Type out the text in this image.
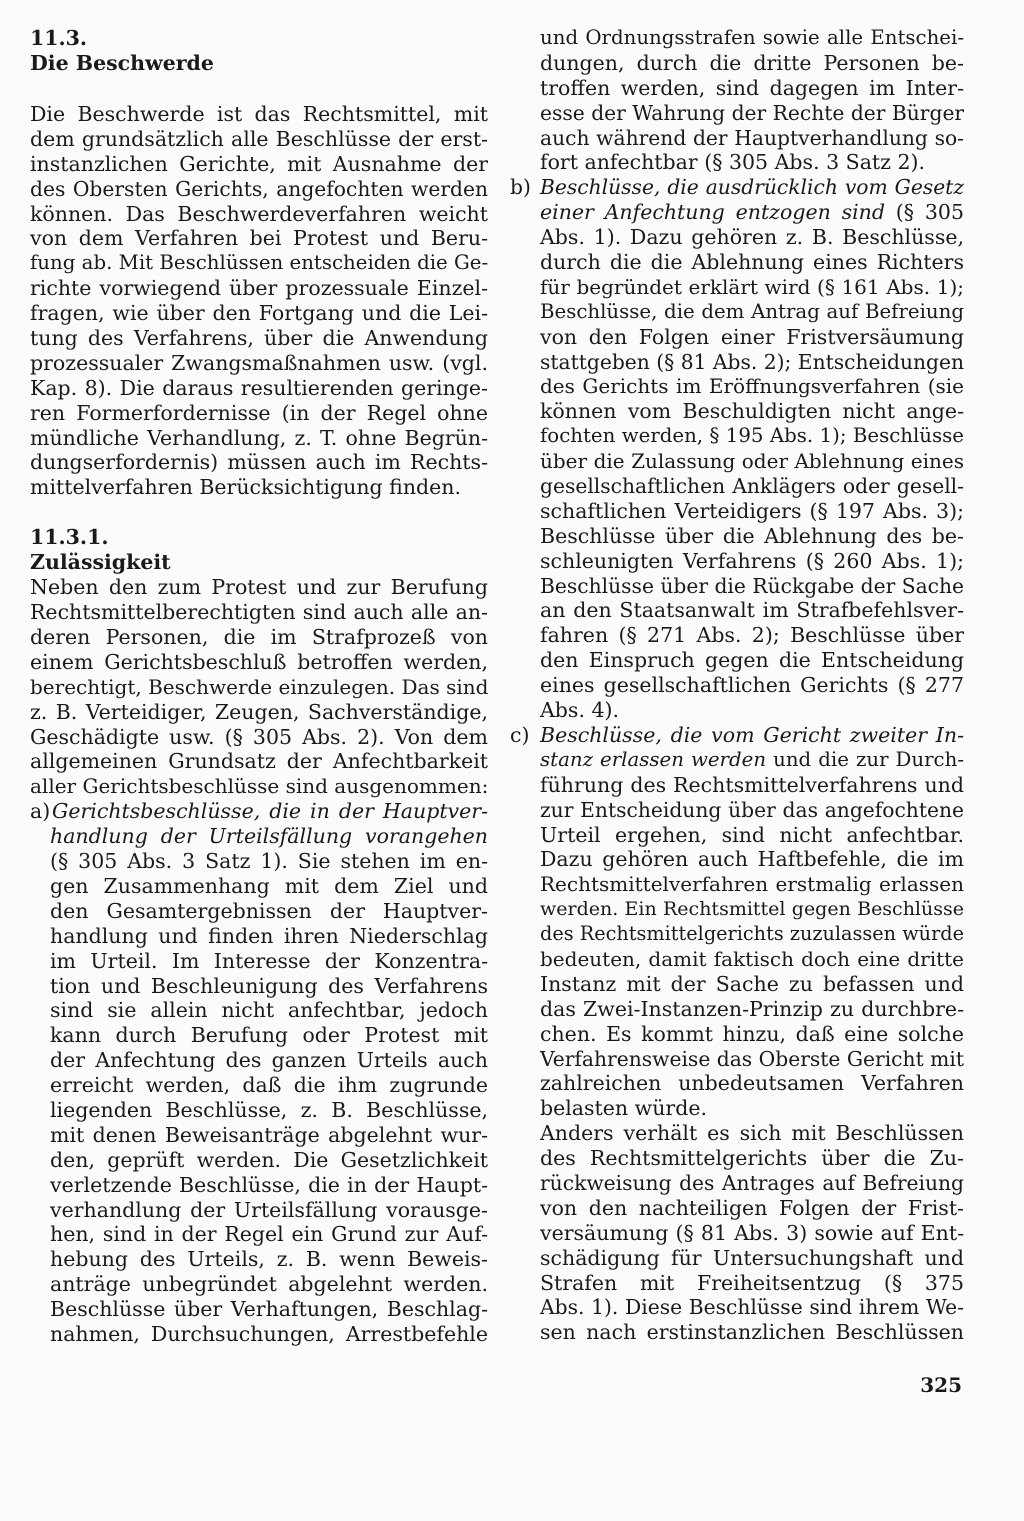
11.3.
Die Beschwerde
Die Beschwerde ist das Rechtsmittel, mit
dem grundsätzlich alle Beschlüsse der erst-
instanzlichen Gerichte, mit Ausnahme der
des Obersten Gerichts, angefochten werden
können. Das Beschwerdeverfahren weicht
von dem Verfahren bei Protest und Beru-
fung ab. Mit Beschlüssen entscheiden die Ge-
richte vorwiegend über prozessuale Einzel-
fragen, wie über den Fortgang und die Lei-
tung des Verfahrens, über die Anwendung
prozessualer Zwangsmaßnahmen usw. (vgl.
Kap. 8). Die daraus resultierenden geringe-
ren Formerfordernisse (in der Regel ohne
mündliche Verhandlung, z. T. ohne Begrün-
dungserfordernis) müssen auch im Rechts-
mittelverfahren Berücksichtigung finden.
11.3.1.
Zulässigkeit
Neben den zum Protest und zur Berufung
Rechtsmittelberechtigten sind auch alle an-
deren Personen, die im Strafprozeß von
einem Gerichtsbeschluß betroffen werden,
berechtigt, Beschwerde einzulegen. Das sind
z. B. Verteidiger, Zeugen, Sachverständige,
Geschädigte usw. (§ 305 Abs. 2). Von dem
allgemeinen Grundsatz der Anfechtbarkeit
aller Gerichtsbeschlüsse sind ausgenommen:
a)Gerichtsbeschlüsse, die in der Hauptver-
handlung der Urteilsfällung vorangehen
(§ 305 Abs. 3 Satz 1). Sie stehen im en-
gen Zusammenhang mit dem Ziel und
den Gesamtergebnissen der Hauptver-
handlung und finden ihren Niederschlag
im Urteil. Im Interesse der Konzentra-
tion und Beschleunigung des Verfahrens
sind sie allein nicht anfechtbar, jedoch
kann durch Berufung oder Protest mit
der Anfechtung des ganzen Urteils auch
erreicht werden, daß die ihm zugrunde
liegenden Beschlüsse, z. B. Beschlüsse,
mit denen Beweisanträge abgelehnt wur-
den, geprüft werden. Die Gesetzlichkeit
verletzende Beschlüsse, die in der Haupt-
verhandlung der Urteilsfällung vorausge-
hen, sind in der Regel ein Grund zur Auf-
hebung des Urteils, z. B. wenn Beweis-
anträge unbegründet abgelehnt werden.
Beschlüsse über Verhaftungen, Beschlag-
nahmen, Durchsuchungen, Arrestbefehle
und Ordnungsstrafen sowie alle Entschei-
dungen, durch die dritte Personen be-
troffen werden, sind dagegen im Inter-
esse der Wahrung der Rechte der Bürger
auch während der Hauptverhandlung so-
fort anfechtbar (§ 305 Abs. 3 Satz 2).
b) Beschlüsse, die ausdrücklich vom Gesetz
einer Anfechtung entzogen sind (§ 305
Abs. 1). Dazu gehören z. B. Beschlüsse,
durch die die Ablehnung eines Richters
für begründet erklärt wird (§ 161 Abs. 1);
Beschlüsse, die dem Antrag auf Befreiung
von den Folgen einer Fristversäumung
stattgeben (§ 81 Abs. 2); Entscheidungen
des Gerichts im Eröffnungsverfahren (sie
können vom Beschuldigten nicht ange-
fochten werden, § 195 Abs. 1); Beschlüsse
über die Zulassung oder Ablehnung eines
gesellschaftlichen Anklägers oder gesell-
schaftlichen Verteidigers (§ 197 Abs. 3);
Beschlüsse über die Ablehnung des be-
schleunigten Verfahrens (§ 260 Abs. 1);
Beschlüsse über die Rückgabe der Sache
an den Staatsanwalt im Strafbefehlsver-
fahren (§ 271 Abs. 2); Beschlüsse über
den Einspruch gegen die Entscheidung
eines gesellschaftlichen Gerichts (§ 277
Abs. 4).
c) Beschlüsse, die vom Gericht zweiter In-
stanz erlassen werden und die zur Durch-
führung des Rechtsmittelverfahrens und
zur Entscheidung über das angefochtene
Urteil ergehen, sind nicht anfechtbar.
Dazu gehören auch Haftbefehle, die im
Rechtsmittelverfahren erstmalig erlassen
werden. Ein Rechtsmittel gegen Beschlüsse
des Rechtsmittelgerichts zuzulassen würde
bedeuten, damit faktisch doch eine dritte
Instanz mit der Sache zu befassen und
das Zwei-Instanzen-Prinzip zu durchbre-
chen. Es kommt hinzu, daß eine solche
Verfahrensweise das Oberste Gericht mit
zahlreichen unbedeutsamen Verfahren
belasten würde.
Anders verhält es sich mit Beschlüssen
des Rechtsmittelgerichts über die Zu-
rückweisung des Antrages auf Befreiung
von den nachteiligen Folgen der Frist-
versäumung (§ 81 Abs. 3) sowie auf Ent-
schädigung für Untersuchungshaft und
Strafen mit Freiheitsentzug (§ 375
Abs. 1). Diese Beschlüsse sind ihrem We-
sen nach erstinstanzlichen Beschlüssen
325
